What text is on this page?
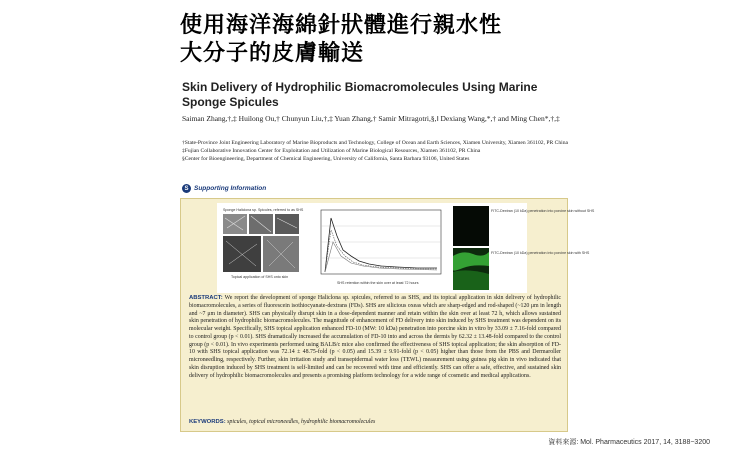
使用海洋海綿針狀體進行親水性
大分子的皮膚輸送
Skin Delivery of Hydrophilic Biomacromolecules Using Marine Sponge Spicules
Saiman Zhang,†,‡ Huilong Ou,† Chunyun Liu,†,‡ Yuan Zhang,† Samir Mitragotri,§,‖ Dexiang Wang,*,† and Ming Chen*,†,‡
†State-Province Joint Engineering Laboratory of Marine Bioproducts and Technology, College of Ocean and Earth Sciences, Xiamen University, Xiamen 361102, PR China
‡Fujian Collaborative Innovation Center for Exploitation and Utilization of Marine Biological Resources, Xiamen 361102, PR China
§Center for Bioengineering, Department of Chemical Engineering, University of California, Santa Barbara 93106, United States
S Supporting Information
Sponge Haliclona sp. Spicules, referred to as SHS
Topical application of SHS onto skin
SHS retention within the skin over at least 72 hours
FITC-Dextran (10 kDa) penetration into porcine skin without SHS
FITC-Dextran (10 kDa) penetration into porcine skin with SHS
ABSTRACT: We report the development of sponge Haliclona sp. spicules, referred to as SHS, and its topical application in skin delivery of hydrophilic biomacromolecules, a series of fluorescein isothiocyanate-dextrans (FDs). SHS are silicious oxeas which are sharp-edged and rod-shaped (~120 μm in length and ~7 μm in diameter). SHS can physically disrupt skin in a dose-dependent manner and retain within the skin over at least 72 h, which allows sustained skin penetration of hydrophilic biomacromolecules. The magnitude of enhancement of FD delivery into skin induced by SHS treatment was dependent on its molecular weight. Specifically, SHS topical application enhanced FD-10 (MW: 10 kDa) penetration into porcine skin in vitro by 33.09 ± 7.16-fold compared to control group (p < 0.01). SHS dramatically increased the accumulation of FD-10 into and across the dermis by 62.32 ± 13.48-fold compared to the control group (p < 0.01). In vivo experiments performed using BALB/c mice also confirmed the effectiveness of SHS topical application; the skin absorption of FD-10 with SHS topical application was 72.14 ± 48.75-fold (p < 0.05) and 15.39 ± 9.91-fold (p < 0.05) higher than those from the PBS and Dermaroller microneedling, respectively. Further, skin irritation study and transepidermal water loss (TEWL) measurement using guinea pig skin in vivo indicated that skin disruption induced by SHS treatment is self-limited and can be recovered with time and efficiently. SHS can offer a safe, effective, and sustained skin delivery of hydrophilic biomacromolecules and presents a promising platform technology for a wide range of cosmetic and medical applications.
KEYWORDS: spicules, topical microneedles, hydrophilic biomacromolecules
資料來源: Mol. Pharmaceutics 2017, 14, 3188−3200
